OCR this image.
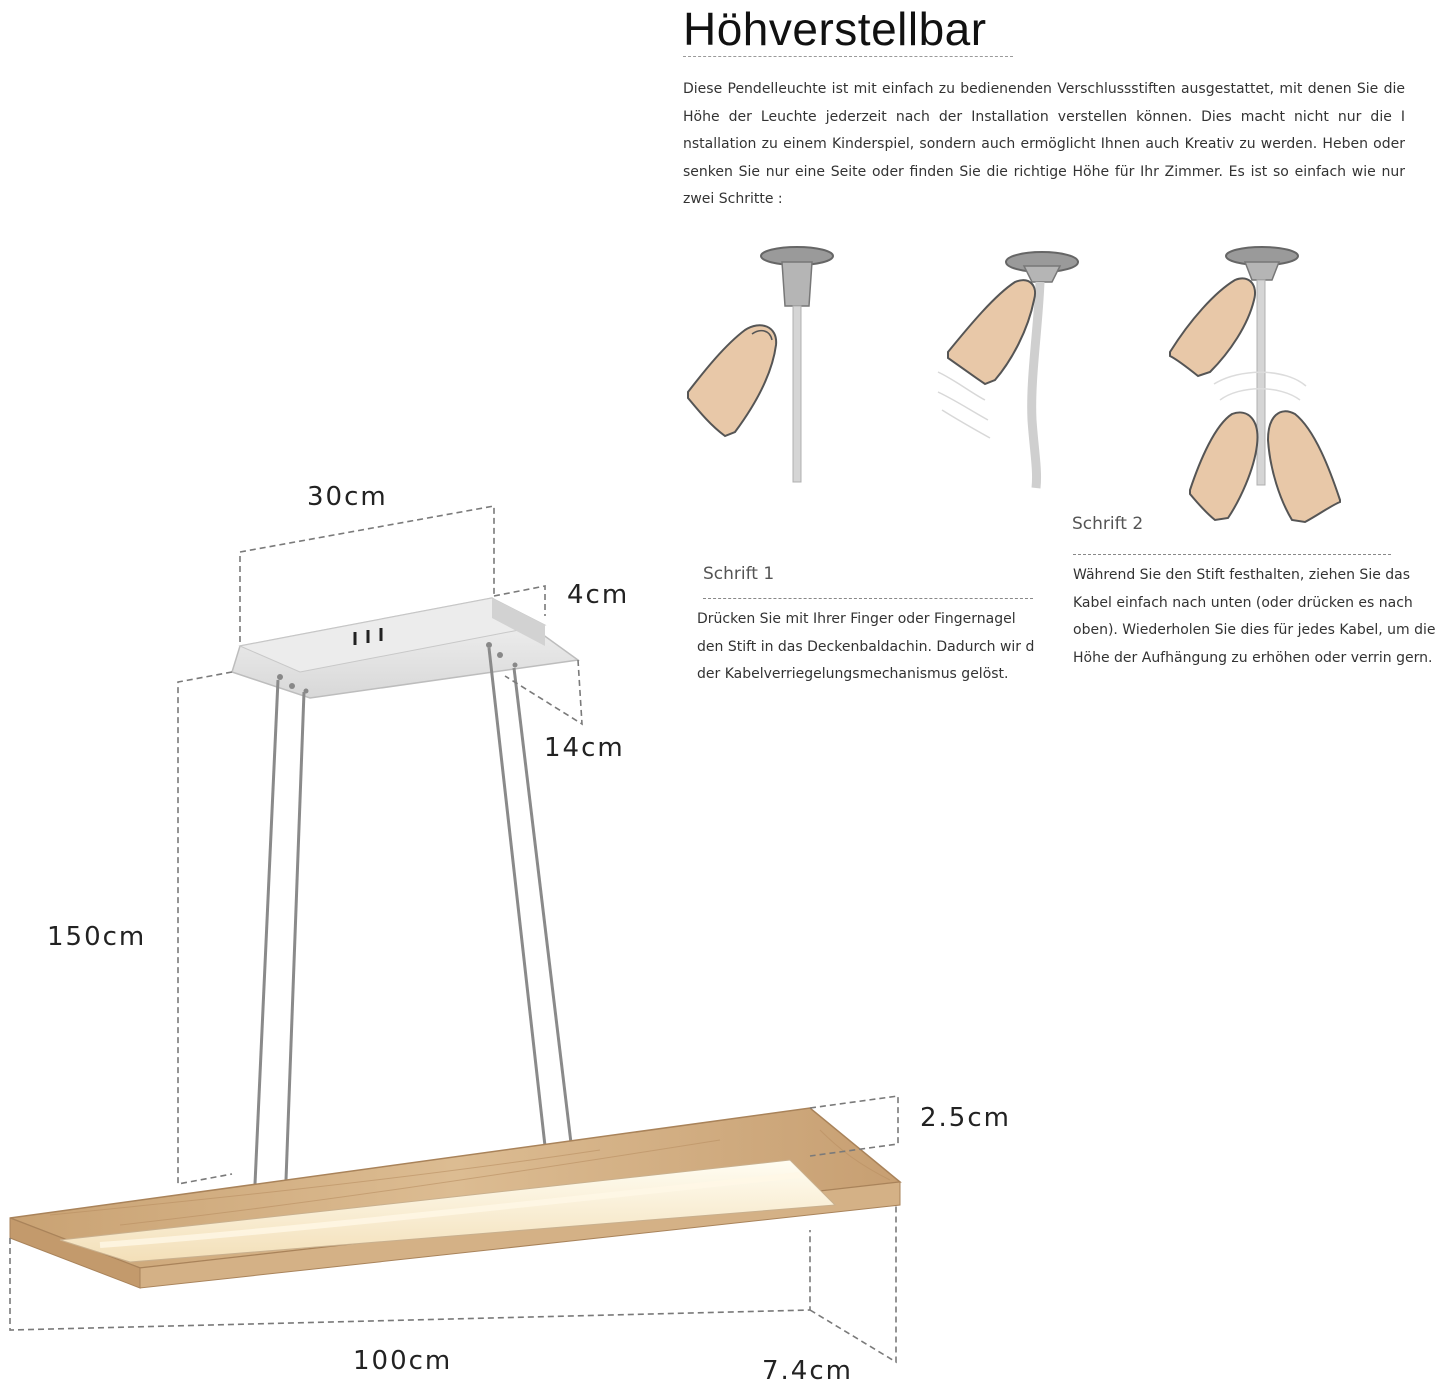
Höhverstellbar
Diese Pendelleuchte ist mit einfach zu bedienenden Verschlussstiften ausgestattet, mit denen Sie die Höhe der Leuchte jederzeit nach der Installation verstellen können. Dies macht nicht nur die I nstallation zu einem Kinderspiel, sondern auch ermöglicht Ihnen auch Kreativ zu werden. Heben oder senken Sie nur eine Seite oder finden Sie die richtige Höhe für Ihr Zimmer. Es ist so einfach wie nur zwei Schritte :
Schrift 1
Drücken Sie mit Ihrer Finger oder Fingernagel den Stift in das Deckenbaldachin. Dadurch wir d der Kabelverriegelungsmechanismus gelöst.
Schrift 2
Während Sie den Stift festhalten, ziehen Sie das Kabel einfach nach unten (oder drücken es nach oben). Wiederholen Sie dies für jedes Kabel, um die Höhe der Aufhängung zu erhöhen oder verrin gern.
30cm
4cm
14cm
150cm
2.5cm
100cm	7.4cm
